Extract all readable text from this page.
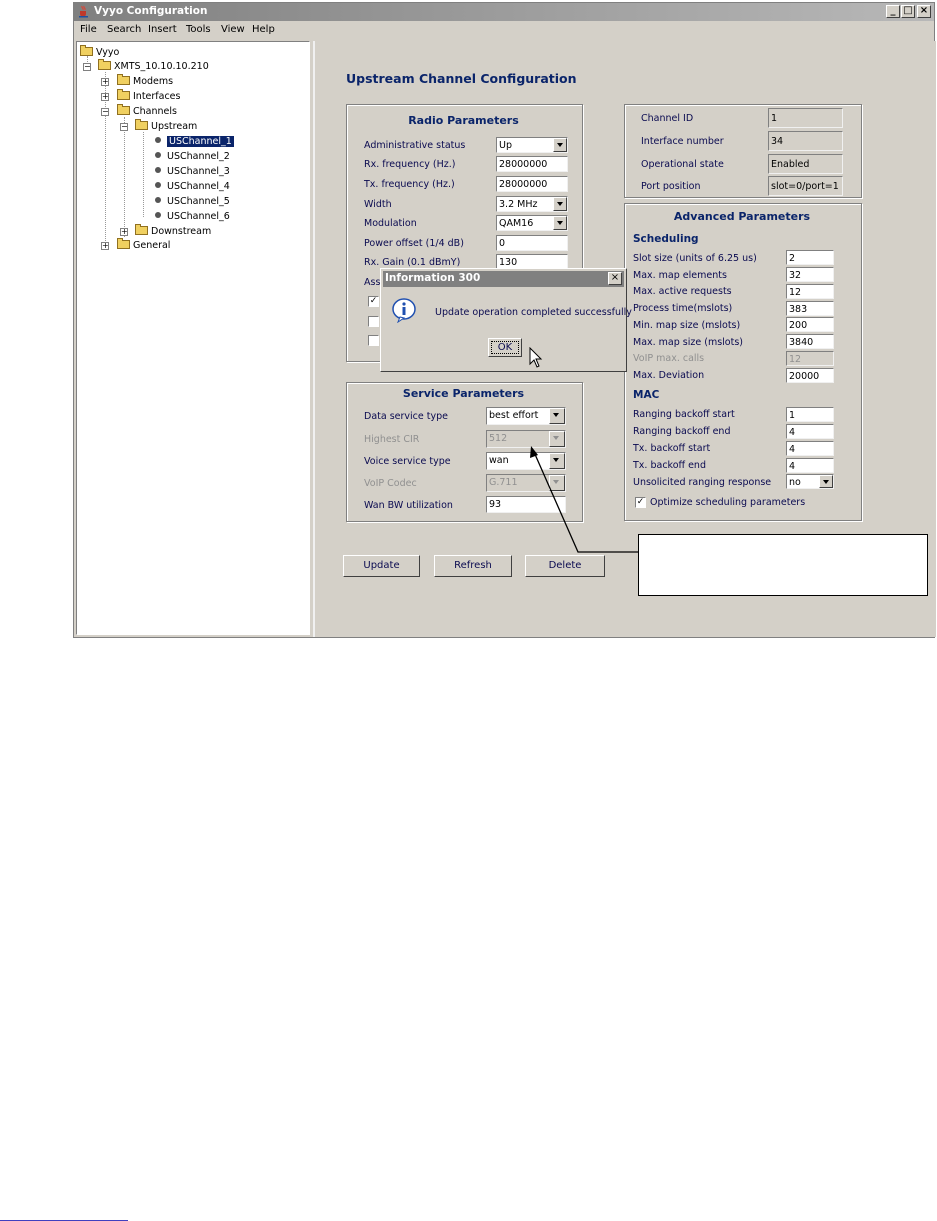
Vyyo Configuration	_ □ ×
File Search Insert Tools View Help
Vyyo
−	XMTS_10.10.10.210
+	Modems
+	Interfaces
−	Channels
−	Upstream
USChannel_1
USChannel_2
USChannel_3
USChannel_4
USChannel_5
USChannel_6
+	Downstream
+	General
Upstream Channel Configuration
Radio Parameters
Administrative status	Up
Rx. frequency (Hz.)	28000000
Tx. frequency (Hz.)	28000000
Width	3.2 MHz
Modulation	QAM16
Power offset (1/4 dB)	0
Rx. Gain (0.1 dBmY)	130
Ass
✓
Channel ID	1
Interface number	34
Operational state	Enabled
Port position	slot=0/port=1
Advanced Parameters
Scheduling
Slot size (units of 6.25 us)	2
Max. map elements	32
Max. active requests	12
Process time(mslots)	383
Min. map size (mslots)	200
Max. map size (mslots)	3840
VoIP max. calls	12
Max. Deviation	20000
MAC
Ranging backoff start	1
Ranging backoff end	4
Tx. backoff start	4
Tx. backoff end	4
Unsolicited ranging response	no
✓ Optimize scheduling parameters
Service Parameters
Data service type	best effort
Highest CIR	512
Voice service type	wan
VoIP Codec	G.711
Wan BW utilization	93
Update	Refresh	Delete
Information 300	×
Update operation completed successfully
OK
